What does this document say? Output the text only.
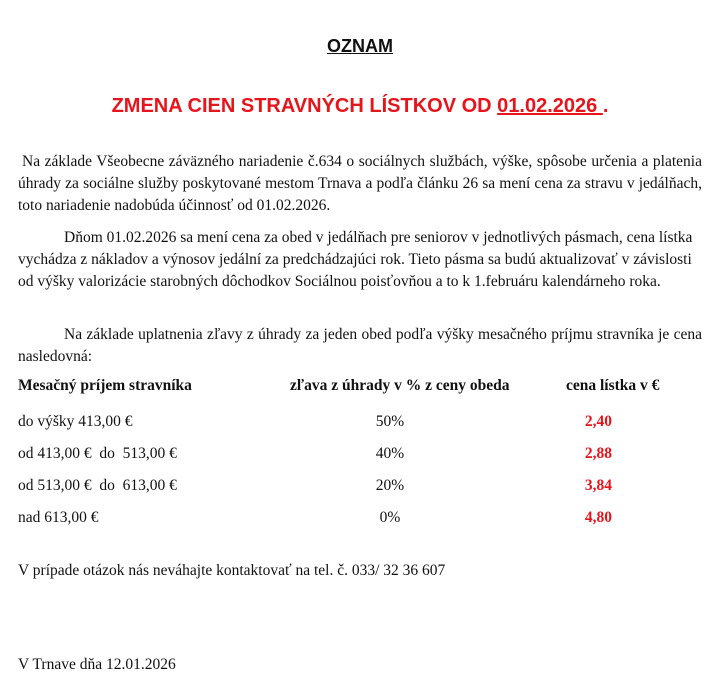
OZNAM
ZMENA CIEN STRAVNÝCH LÍSTKOV OD 01.02.2026 .
Na základe Všeobecne záväzného nariadenie č.634 o sociálnych službách, výške, spôsobe určenia a platenia úhrady za sociálne služby poskytované mestom Trnava a podľa článku 26 sa mení cena za stravu v jedálňach, toto nariadenie nadobúda účinnosť od 01.02.2026.
Dňom 01.02.2026 sa mení cena za obed v jedálňach pre seniorov v jednotlivých pásmach, cena lístka vychádza z nákladov a výnosov jedální za predchádzajúci rok. Tieto pásma sa budú aktualizovať v závislosti od výšky valorizácie starobných dôchodkov Sociálnou poisťovňou a to k 1.februáru kalendárneho roka.
Na základe uplatnenia zľavy z úhrady za jeden obed podľa výšky mesačného príjmu stravníka je cena nasledovná:
Mesačný príjem stravníka	zľava z úhrady v % z ceny obeda	cena lístka v €
do výšky 413,00 €	50%	2,40
od 413,00 €  do  513,00 €	40%	2,88
od 513,00 €  do  613,00 €	20%	3,84
nad 613,00 €	0%	4,80
V prípade otázok nás neváhajte kontaktovať na tel. č. 033/ 32 36 607
V Trnave dňa 12.01.2026
